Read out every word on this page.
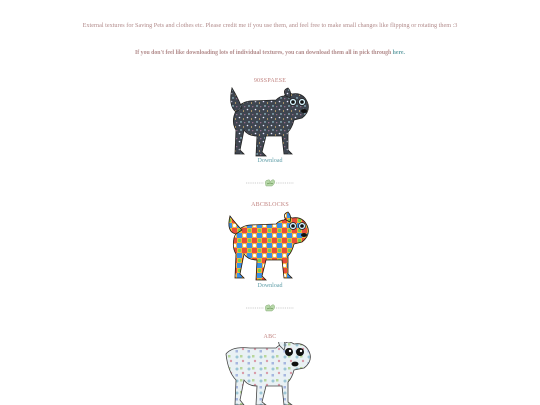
External textures for Saving Pets and clothes etc. Please credit me if you use them, and feel free to make small changes like flipping or rotating them :3
If you don't feel like downloading lots of individual textures, you can download them all in pick through here.
90SSPAESE
Download
ABCBLOCKS
Download
ABC
